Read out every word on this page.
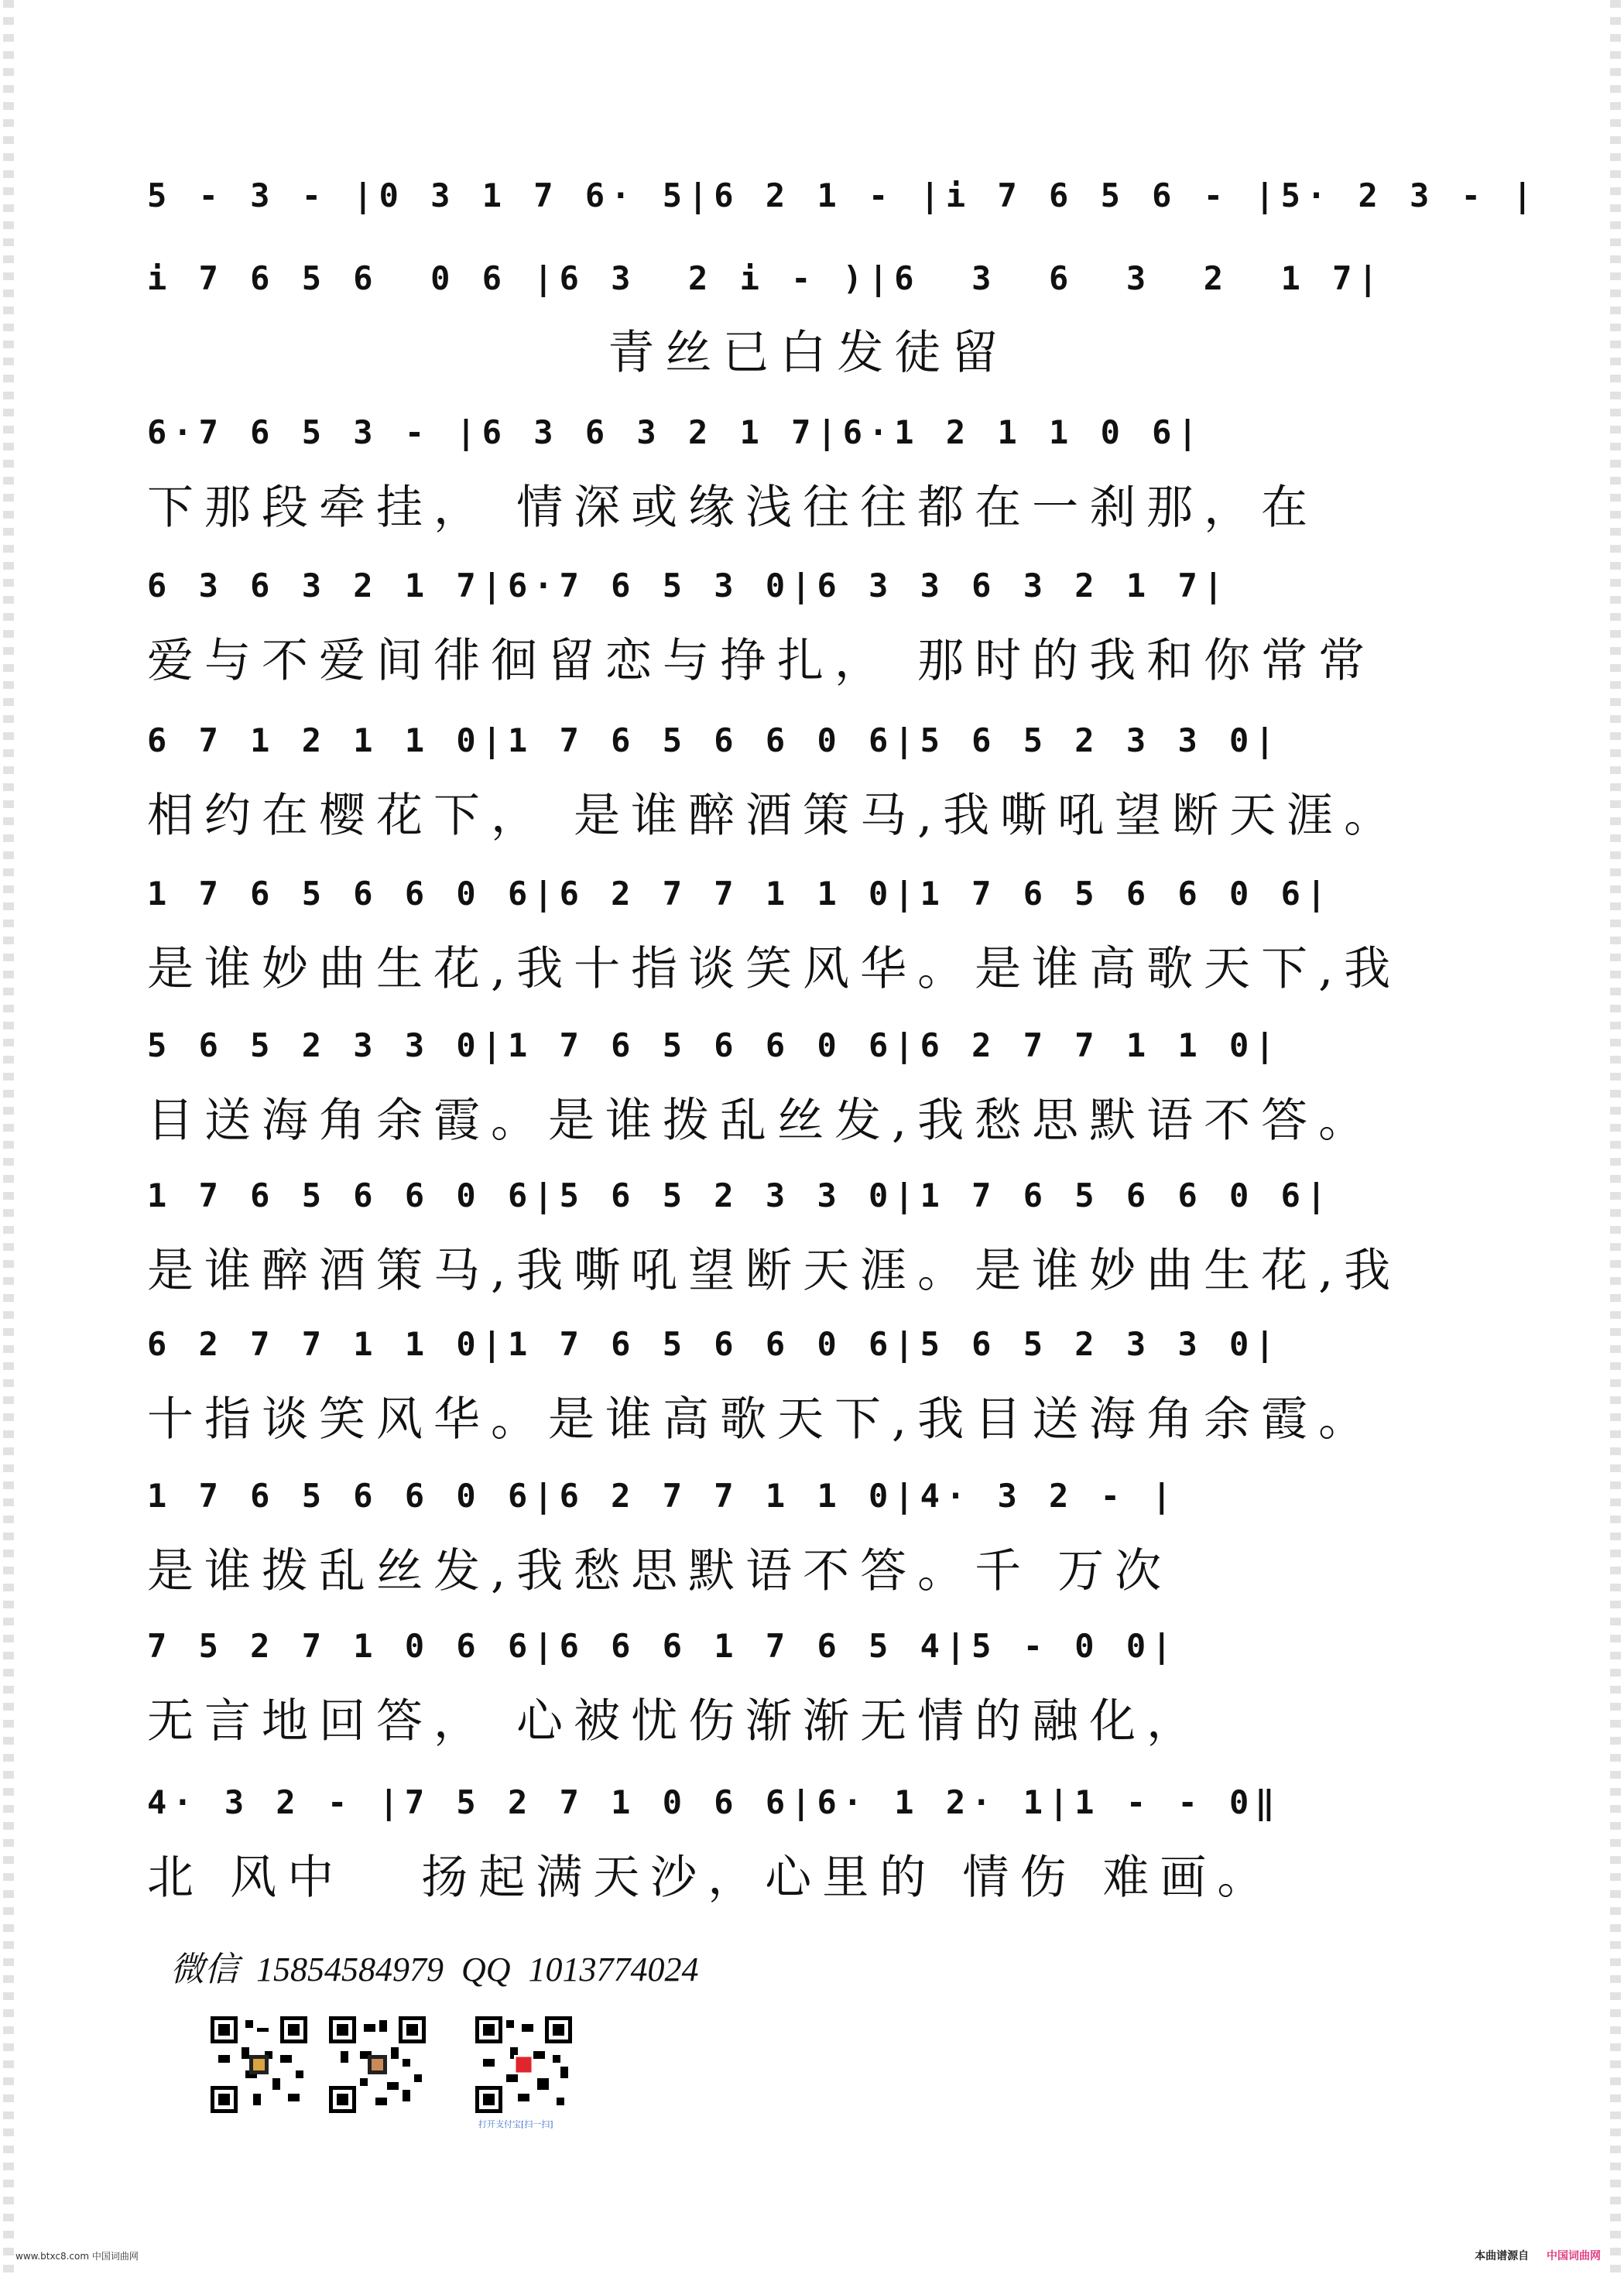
5 - 3 - |0 3 1 7 6· 5|6 2 1 - |i 7 6 5 6 - |5· 2 3 - |
i 7 6 5 6  0 6 |6 3  2 i - )|6  3  6  3  2  1 7|
青丝已白发徒留
6·7 6 5 3 - |6 3 6 3 2 1 7|6·1 2 1 1 0 6|
下那段牵挂， 情深或缘浅往往都在一刹那，在
6 3 6 3 2 1 7|6·7 6 5 3 0|6 3 3 6 3 2 1 7|
爱与不爱间徘徊留恋与挣扎， 那时的我和你常常
6 7 1 2 1 1 0|1 7 6 5 6 6 0 6|5 6 5 2 3 3 0|
相约在樱花下， 是谁醉酒策马,我嘶吼望断天涯。
1 7 6 5 6 6 0 6|6 2 7 7 1 1 0|1 7 6 5 6 6 0 6|
是谁妙曲生花,我十指谈笑风华。是谁高歌天下,我
5 6 5 2 3 3 0|1 7 6 5 6 6 0 6|6 2 7 7 1 1 0|
目送海角余霞。是谁拨乱丝发,我愁思默语不答。
1 7 6 5 6 6 0 6|5 6 5 2 3 3 0|1 7 6 5 6 6 0 6|
是谁醉酒策马,我嘶吼望断天涯。是谁妙曲生花,我
6 2 7 7 1 1 0|1 7 6 5 6 6 0 6|5 6 5 2 3 3 0|
十指谈笑风华。是谁高歌天下,我目送海角余霞。
1 7 6 5 6 6 0 6|6 2 7 7 1 1 0|4· 3 2 - |
是谁拨乱丝发,我愁思默语不答。千 万次
7 5 2 7 1 0 6 6|6 6 6 1 7 6 5 4|5 - 0 0|
无言地回答， 心被忧伤渐渐无情的融化，
4· 3 2 - |7 5 2 7 1 0 6 6|6· 1 2· 1|1 - - 0‖
北 风中   扬起满天沙，心里的 情伤 难画。
微信 15854584979 QQ 1013774024
打开支付宝[扫一扫]
www.btxc8.com 中国词曲网	本曲谱源自 中国词曲网
